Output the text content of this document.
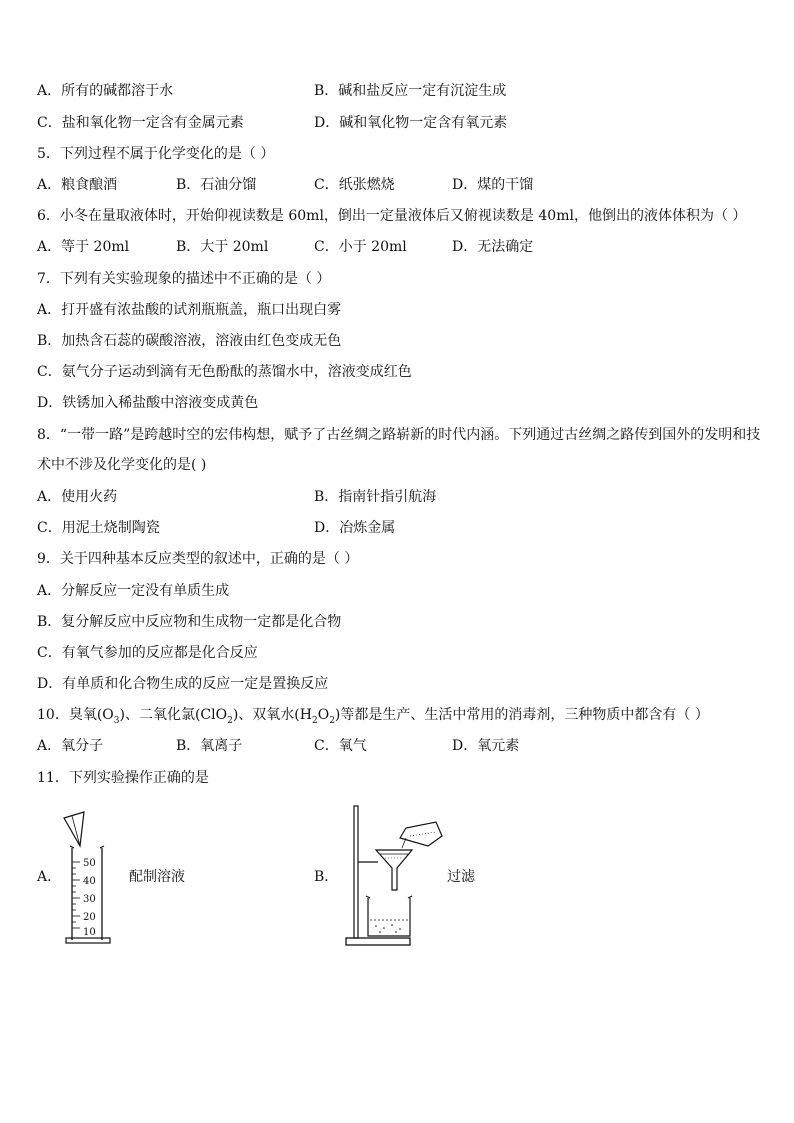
A．所有的碱都溶于水	B．碱和盐反应一定有沉淀生成
C．盐和氧化物一定含有金属元素	D．碱和氧化物一定含有氧元素
5．下列过程不属于化学变化的是（ ）
A．粮食酿酒	B．石油分馏	C．纸张燃烧	D．煤的干馏
6．小冬在量取液体时，开始仰视读数是 60ml，倒出一定量液体后又俯视读数是 40ml，他倒出的液体体积为（ ）
A．等于 20ml	B．大于 20ml	C．小于 20ml	D．无法确定
7．下列有关实验现象的描述中不正确的是（ ）
A．打开盛有浓盐酸的试剂瓶瓶盖，瓶口出现白雾
B．加热含石蕊的碳酸溶液，溶液由红色变成无色
C．氨气分子运动到滴有无色酚酞的蒸馏水中，溶液变成红色
D．铁锈加入稀盐酸中溶液变成黄色
8．“一带一路”是跨越时空的宏伟构想，赋予了古丝绸之路崭新的时代内涵。下列通过古丝绸之路传到国外的发明和技
术中不涉及化学变化的是( )
A．使用火药	B．指南针指引航海
C．用泥土烧制陶瓷	D．冶炼金属
9．关于四种基本反应类型的叙述中，正确的是（ ）
A．分解反应一定没有单质生成
B．复分解反应中反应物和生成物一定都是化合物
C．有氧气参加的反应都是化合反应
D．有单质和化合物生成的反应一定是置换反应
10．臭氧$(O_3)$、二氧化氯(ClO$_2$)、双氧水$(H_2O_2)$等都是生产、生活中常用的消毒剂，三种物质中都含有（ ）
A．氧分子	B．氧离子	C．氧气	D．氧元素
11．下列实验操作正确的是
A．
50
40
30
20
10
配制溶液	B．	过滤
